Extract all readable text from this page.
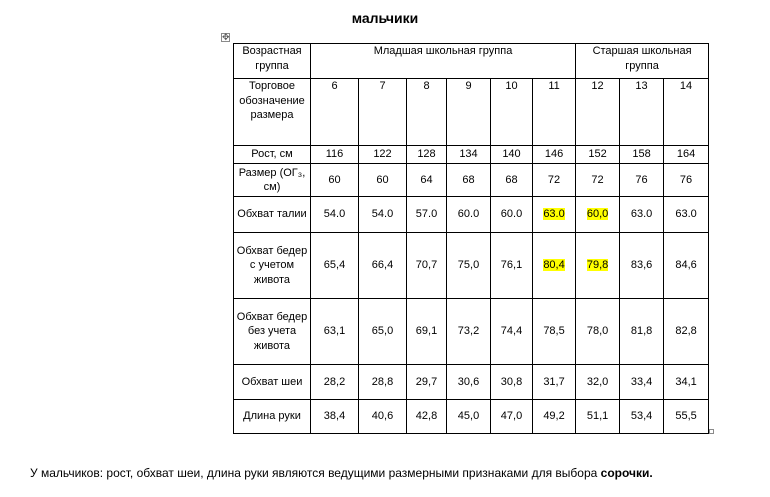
мальчики
✥
Возрастная группа	Младшая школьная группа						Старшая школьная группа		
Торговое обозначение размера	6	7	8	9	10	11	12	13	14
Рост, см	116	122	128	134	140	146	152	158	164
Размер (ОГ₃, см)	60	60	64	68	68	72	72	76	76
Обхват талии	54.0	54.0	57.0	60.0	60.0	63.0	60,0	63.0	63.0
Обхват бедер с учетом живота	65,4	66,4	70,7	75,0	76,1	80,4	79,8	83,6	84,6
Обхват бедер без учета живота	63,1	65,0	69,1	73,2	74,4	78,5	78,0	81,8	82,8
Обхват шеи	28,2	28,8	29,7	30,6	30,8	31,7	32,0	33,4	34,1
Длина руки	38,4	40,6	42,8	45,0	47,0	49,2	51,1	53,4	55,5
У мальчиков: рост, обхват шеи, длина руки являются ведущими размерными признаками для выбора сорочки.
